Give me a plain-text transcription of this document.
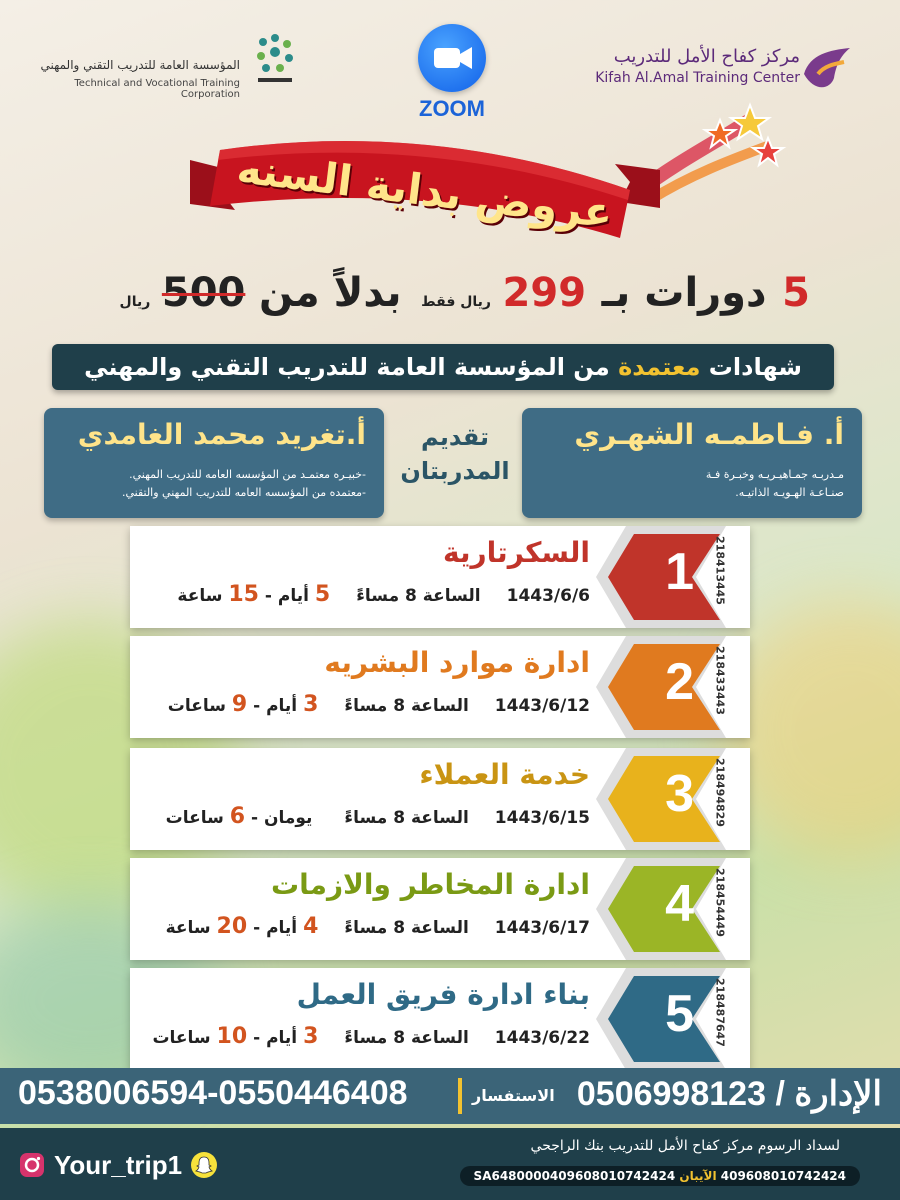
المؤسسة العامة للتدريب التقني والمهني
Technical and Vocational Training Corporation
ZOOM
مركز كفاح الأمل للتدريب
Kifah Al.Amal Training Center
عروض بداية السنه
5 دورات بـ 299 ريال فقط بدلاً من 500 ريال
شهادات

معتمدة

من المؤسسة العامة للتدريب التقني والمهني
أ. فـاطمـه الشهـري
مـدربـه جمـاهيـريـه وخبـرة فـة
صنـاعـة الهـويـه الذاتيـه.
تقديم
المدربتان
أ.تغريد محمد الغامدي
-خبيـره معتمـد من المؤسسه العامه للتدريب المهني.
-معتمده من المؤسسه العامه للتدريب المهني والتقني.
السكرتارية
1443/6/6الساعة 8 مساءً5 أيام - 15 ساعة	1 218413445
ادارة موارد البشريه
1443/6/12الساعة 8 مساءً3 أيام - 9 ساعات	2 218433443
خدمة العملاء
1443/6/15الساعة 8 مساءً يومان - 6 ساعات	3 218494829
ادارة المخاطر والازمات
1443/6/17الساعة 8 مساءً4 أيام - 20 ساعة	4 218454449
بناء ادارة فريق العمل
1443/6/22الساعة 8 مساءً3 أيام - 10 ساعات	5 218487647
الإدارة / 0506998123
الاستفسار
0538006594-0550446408
Your_trip1
لسداد الرسوم مركز كفاح الأمل للتدريب بنك الراجحي
409608010742424 الآيبان SA6480000409608010742424
